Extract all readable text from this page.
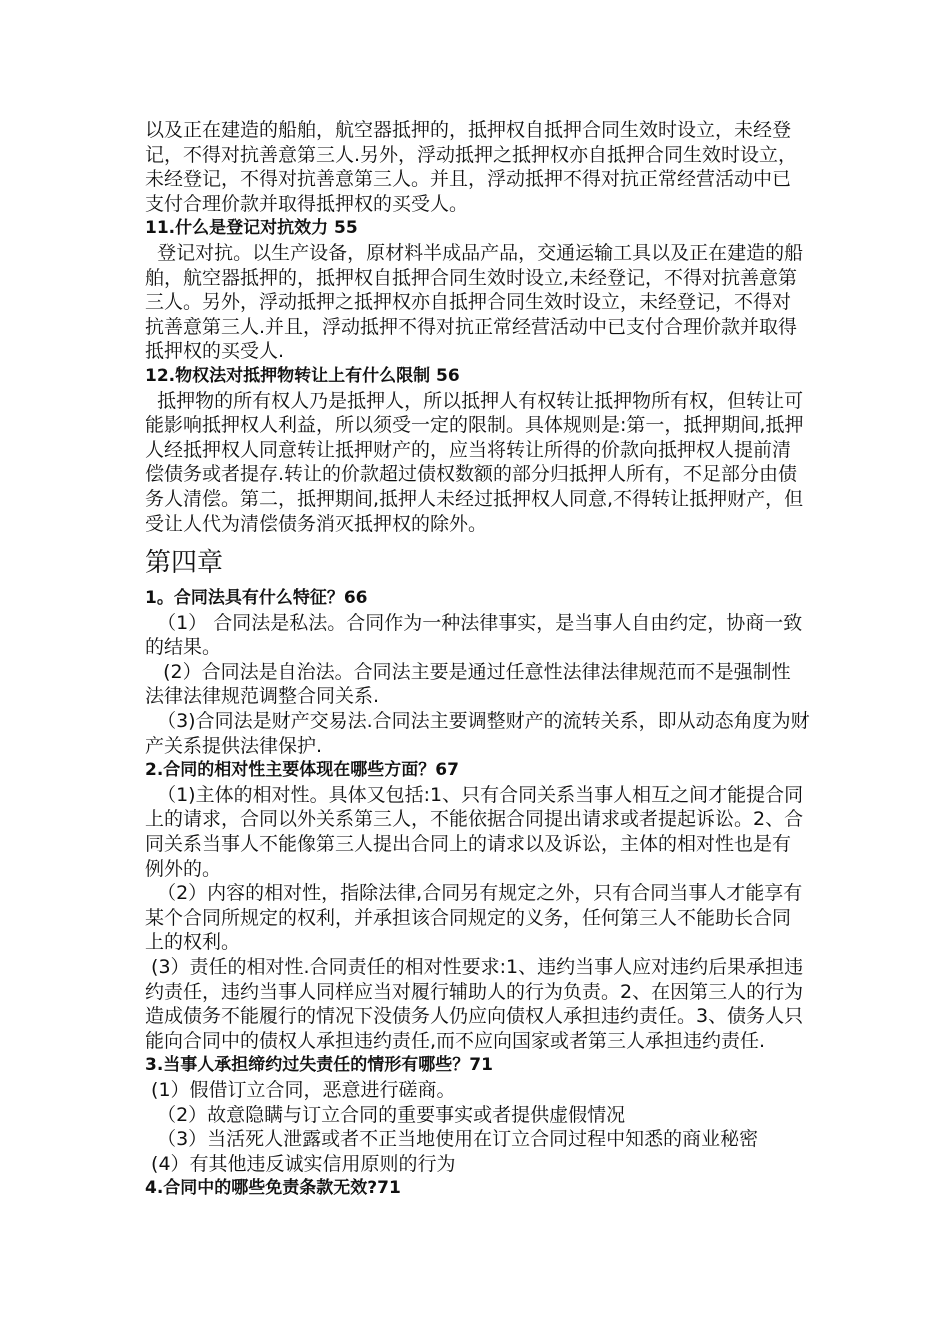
以及正在建造的船舶，航空器抵押的，抵押权自抵押合同生效时设立，未经登
记，不得对抗善意第三人.另外，浮动抵押之抵押权亦自抵押合同生效时设立，
未经登记，不得对抗善意第三人。并且，浮动抵押不得对抗正常经营活动中已
支付合理价款并取得抵押权的买受人。
11.什么是登记对抗效力 55
登记对抗。以生产设备，原材料半成品产品，交通运输工具以及正在建造的船
舶，航空器抵押的，抵押权自抵押合同生效时设立,未经登记，不得对抗善意第
三人。另外，浮动抵押之抵押权亦自抵押合同生效时设立，未经登记，不得对
抗善意第三人.并且，浮动抵押不得对抗正常经营活动中已支付合理价款并取得
抵押权的买受人.
12.物权法对抵押物转让上有什么限制 56
抵押物的所有权人乃是抵押人，所以抵押人有权转让抵押物所有权，但转让可
能影响抵押权人利益，所以须受一定的限制。具体规则是:第一，抵押期间,抵押
人经抵押权人同意转让抵押财产的，应当将转让所得的价款向抵押权人提前清
偿债务或者提存.转让的价款超过债权数额的部分归抵押人所有，不足部分由债
务人清偿。第二，抵押期间,抵押人未经过抵押权人同意,不得转让抵押财产，但
受让人代为清偿债务消灭抵押权的除外。
第四章
1。合同法具有什么特征？66
（1） 合同法是私法。合同作为一种法律事实，是当事人自由约定，协商一致
的结果。
(2）合同法是自治法。合同法主要是通过任意性法律法律规范而不是强制性
法律法律规范调整合同关系.
（3)合同法是财产交易法.合同法主要调整财产的流转关系，即从动态角度为财
产关系提供法律保护.
2.合同的相对性主要体现在哪些方面？67
（1)主体的相对性。具体又包括:1、只有合同关系当事人相互之间才能提合同
上的请求，合同以外关系第三人，不能依据合同提出请求或者提起诉讼。2、合
同关系当事人不能像第三人提出合同上的请求以及诉讼，主体的相对性也是有
例外的。
（2）内容的相对性，指除法律,合同另有规定之外，只有合同当事人才能享有
某个合同所规定的权利，并承担该合同规定的义务，任何第三人不能助长合同
上的权利。
(3）责任的相对性.合同责任的相对性要求:1、违约当事人应对违约后果承担违
约责任，违约当事人同样应当对履行辅助人的行为负责。2、在因第三人的行为
造成债务不能履行的情况下没债务人仍应向债权人承担违约责任。3、债务人只
能向合同中的债权人承担违约责任,而不应向国家或者第三人承担违约责任.
3.当事人承担缔约过失责任的情形有哪些？71
(1）假借订立合同，恶意进行磋商。
（2）故意隐瞒与订立合同的重要事实或者提供虚假情况
（3）当活死人泄露或者不正当地使用在订立合同过程中知悉的商业秘密
(4）有其他违反诚实信用原则的行为
4.合同中的哪些免责条款无效?71
